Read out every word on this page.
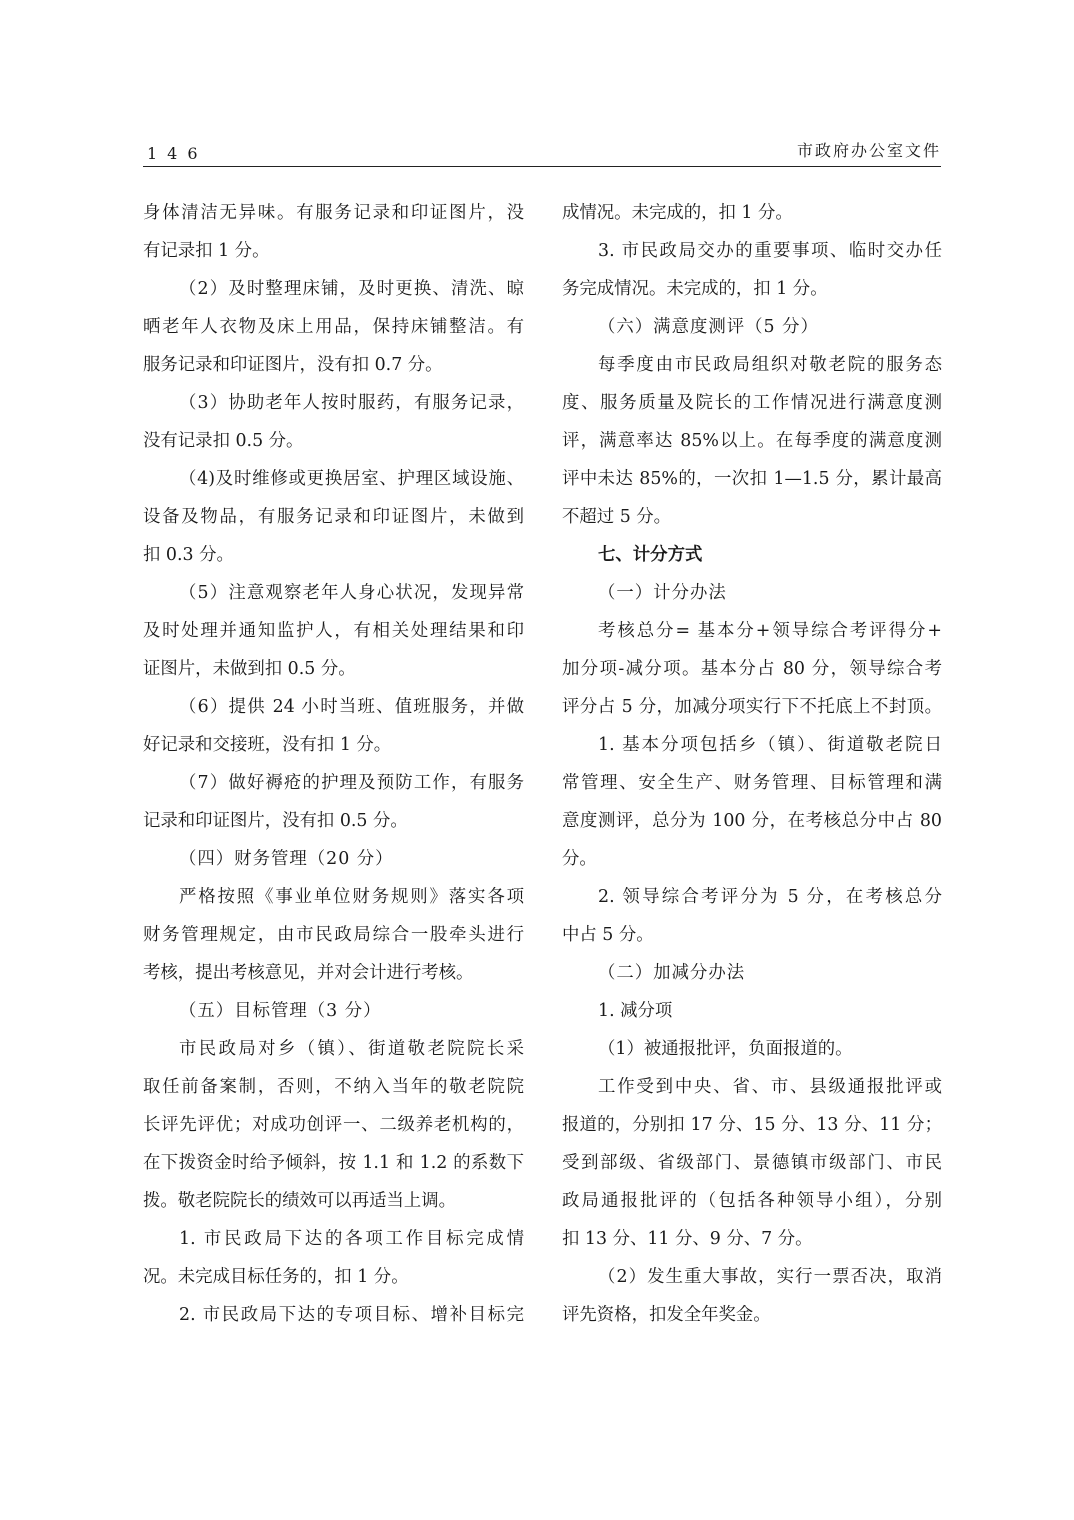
146	市政府办公室文件
身体清洁无异味。有服务记录和印证图片，没
有记录扣 1 分。
（2）及时整理床铺，及时更换、清洗、晾
晒老年人衣物及床上用品，保持床铺整洁。有
服务记录和印证图片，没有扣 0.7 分。
（3）协助老年人按时服药，有服务记录，
没有记录扣 0.5 分。
（4)及时维修或更换居室、护理区域设施、
设备及物品，有服务记录和印证图片，未做到
扣 0.3 分。
（5）注意观察老年人身心状况，发现异常
及时处理并通知监护人，有相关处理结果和印
证图片，未做到扣 0.5 分。
（6）提供 24 小时当班、值班服务，并做
好记录和交接班，没有扣 1 分。
（7）做好褥疮的护理及预防工作，有服务
记录和印证图片，没有扣 0.5 分。
（四）财务管理（20 分）
严格按照《事业单位财务规则》落实各项
财务管理规定，由市民政局综合一股牵头进行
考核，提出考核意见，并对会计进行考核。
（五）目标管理（3 分）
市民政局对乡（镇）、街道敬老院院长采
取任前备案制，否则，不纳入当年的敬老院院
长评先评优；对成功创评一、二级养老机构的，
在下拨资金时给予倾斜，按 1.1 和 1.2 的系数下
拨。敬老院院长的绩效可以再适当上调。
1. 市民政局下达的各项工作目标完成情
况。未完成目标任务的，扣 1 分。
2. 市民政局下达的专项目标、增补目标完
成情况。未完成的，扣 1 分。
3. 市民政局交办的重要事项、临时交办任
务完成情况。未完成的，扣 1 分。
（六）满意度测评（5 分）
每季度由市民政局组织对敬老院的服务态
度、服务质量及院长的工作情况进行满意度测
评，满意率达 85%以上。在每季度的满意度测
评中未达 85%的，一次扣 1—1.5 分，累计最高
不超过 5 分。
七、计分方式
（一）计分办法
考核总分= 基本分+领导综合考评得分+
加分项-减分项。基本分占 80 分，领导综合考
评分占 5 分，加减分项实行下不托底上不封顶。
1. 基本分项包括乡（镇）、街道敬老院日
常管理、安全生产、财务管理、目标管理和满
意度测评，总分为 100 分，在考核总分中占 80
分。
2. 领导综合考评分为 5 分，在考核总分
中占 5 分。
（二）加减分办法
1. 减分项
（1）被通报批评，负面报道的。
工作受到中央、省、市、县级通报批评或
报道的，分别扣 17 分、15 分、13 分、11 分；
受到部级、省级部门、景德镇市级部门、市民
政局通报批评的（包括各种领导小组），分别
扣 13 分、11 分、9 分、7 分。
（2）发生重大事故，实行一票否决，取消
评先资格，扣发全年奖金。
